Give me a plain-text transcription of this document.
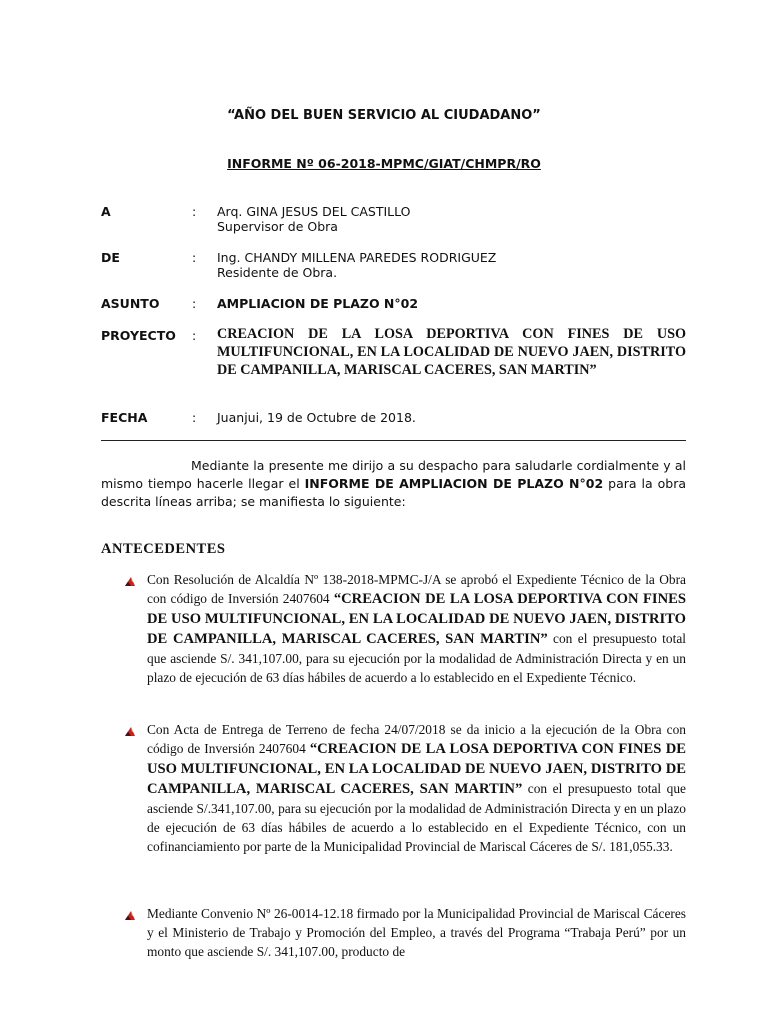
“AÑO DEL BUEN SERVICIO AL CIUDADANO”
INFORME Nº 06-2018-MPMC/GIAT/CHMPR/RO
A	: Arq. GINA JESUS DEL CASTILLO
Supervisor de Obra
DE	: Ing. CHANDY MILLENA PAREDES RODRIGUEZ
Residente de Obra.
ASUNTO	: AMPLIACION DE PLAZO N°02
PROYECTO : CREACION DE LA LOSA DEPORTIVA CON FINES DE USO MULTIFUNCIONAL, EN LA LOCALIDAD DE NUEVO JAEN, DISTRITO DE CAMPANILLA, MARISCAL CACERES, SAN MARTIN”
FECHA	: Juanjui, 19 de Octubre de 2018.
Mediante la presente me dirijo a su despacho para saludarle cordialmente y al mismo tiempo hacerle llegar el INFORME DE AMPLIACION DE PLAZO N°02 para la obra descrita líneas arriba; se manifiesta lo siguiente:
ANTECEDENTES
Con Resolución de Alcaldía Nº 138-2018-MPMC-J/A se aprobó el Expediente Técnico de la Obra con código de Inversión 2407604 “CREACION DE LA LOSA DEPORTIVA CON FINES DE USO MULTIFUNCIONAL, EN LA LOCALIDAD DE NUEVO JAEN, DISTRITO DE CAMPANILLA, MARISCAL CACERES, SAN MARTIN” con el presupuesto total que asciende S/. 341,107.00, para su ejecución por la modalidad de Administración Directa y en un plazo de ejecución de 63 días hábiles de acuerdo a lo establecido en el Expediente Técnico.
Con Acta de Entrega de Terreno de fecha 24/07/2018 se da inicio a la ejecución de la Obra con código de Inversión 2407604 “CREACION DE LA LOSA DEPORTIVA CON FINES DE USO MULTIFUNCIONAL, EN LA LOCALIDAD DE NUEVO JAEN, DISTRITO DE CAMPANILLA, MARISCAL CACERES, SAN MARTIN” con el presupuesto total que asciende S/.341,107.00, para su ejecución por la modalidad de Administración Directa y en un plazo de ejecución de 63 días hábiles de acuerdo a lo establecido en el Expediente Técnico, con un cofinanciamiento por parte de la Municipalidad Provincial de Mariscal Cáceres de S/. 181,055.33.
Mediante Convenio Nº 26-0014-12.18 firmado por la Municipalidad Provincial de Mariscal Cáceres y el Ministerio de Trabajo y Promoción del Empleo, a través del Programa “Trabaja Perú” por un monto que asciende S/. 341,107.00, producto de
